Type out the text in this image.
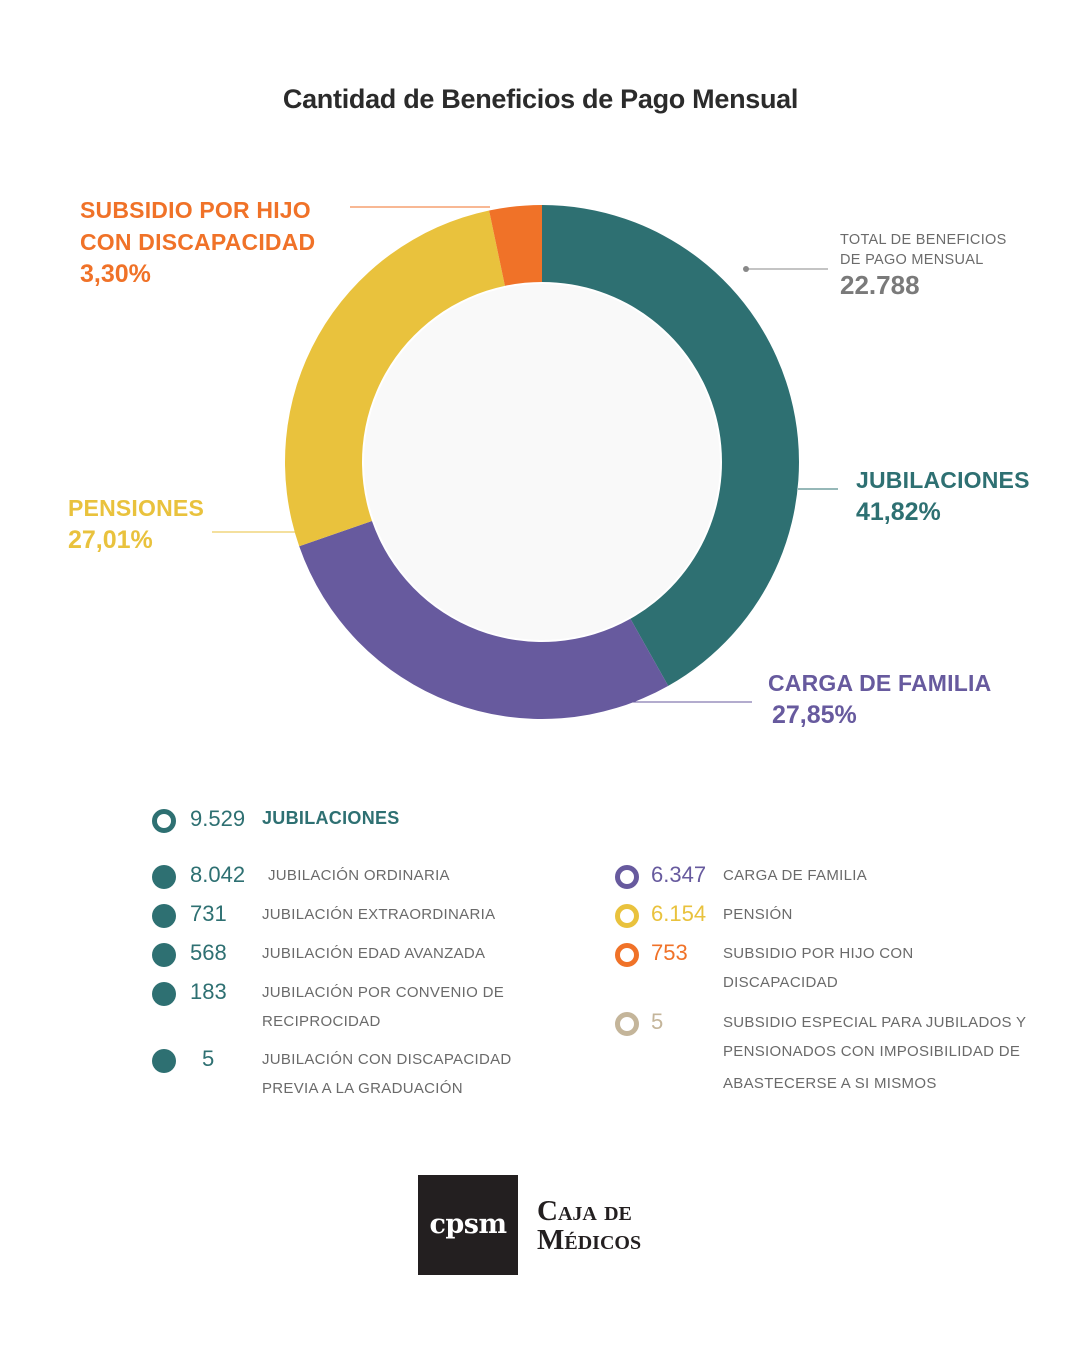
Cantidad de Beneficios de Pago Mensual
SUBSIDIO POR HIJO
CON DISCAPACIDAD
3,30%
TOTAL DE BENEFICIOS
DE PAGO MENSUAL
22.788
JUBILACIONES
41,82%
CARGA DE FAMILIA
27,85%
PENSIONES
27,01%
9.529 JUBILACIONES
8.042 JUBILACIÓN ORDINARIA
731 JUBILACIÓN EXTRAORDINARIA
568 JUBILACIÓN EDAD AVANZADA
183 JUBILACIÓN POR CONVENIO DE
RECIPROCIDAD
5	JUBILACIÓN CON DISCAPACIDAD
PREVIA A LA GRADUACIÓN
6.347 CARGA DE FAMILIA
6.154 PENSIÓN
753 SUBSIDIO POR HIJO CON
DISCAPACIDAD
5	SUBSIDIO ESPECIAL PARA JUBILADOS Y
PENSIONADOS CON IMPOSIBILIDAD DE
ABASTECERSE A SI MISMOS
cpsm	Caja de
Médicos
